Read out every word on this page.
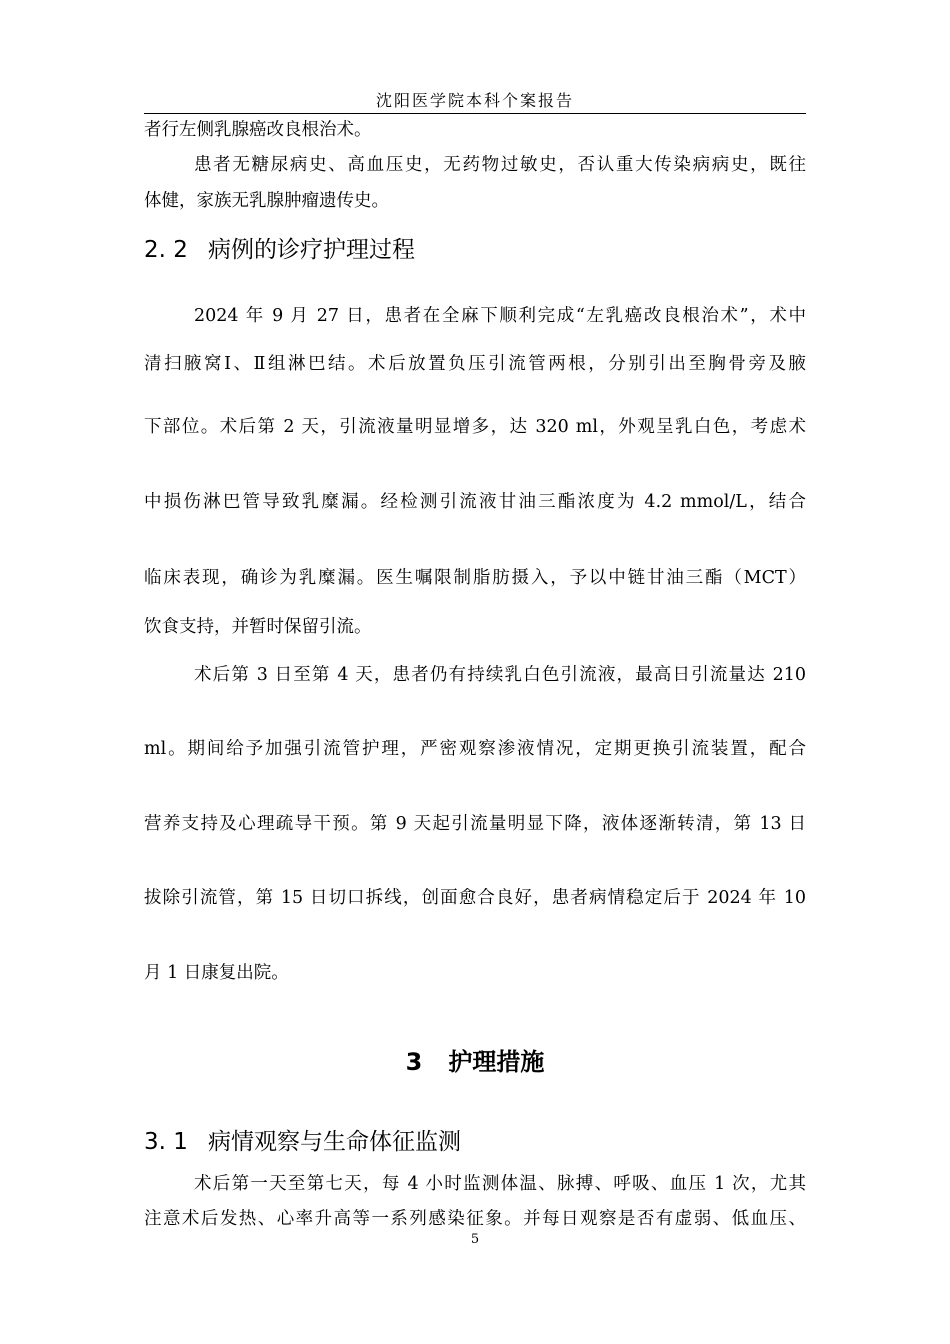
沈阳医学院本科个案报告
者行左侧乳腺癌改良根治术。
患者无糖尿病史、高血压史，无药物过敏史，否认重大传染病病史，既往
体健，家族无乳腺肿瘤遗传史。
2. 2 病例的诊疗护理过程
2024 年 9 月 27 日，患者在全麻下顺利完成“左乳癌改良根治术”，术中
清扫腋窝Ⅰ、Ⅱ组淋巴结。术后放置负压引流管两根，分别引出至胸骨旁及腋
下部位。术后第 2 天，引流液量明显增多，达 320 ml，外观呈乳白色，考虑术
中损伤淋巴管导致乳糜漏。经检测引流液甘油三酯浓度为 4.2 mmol/L，结合
临床表现，确诊为乳糜漏。医生嘱限制脂肪摄入，予以中链甘油三酯（MCT）
饮食支持，并暂时保留引流。
术后第 3 日至第 4 天，患者仍有持续乳白色引流液，最高日引流量达 210
ml。期间给予加强引流管护理，严密观察渗液情况，定期更换引流装置，配合
营养支持及心理疏导干预。第 9 天起引流量明显下降，液体逐渐转清，第 13 日
拔除引流管，第 15 日切口拆线，创面愈合良好，患者病情稳定后于 2024 年 10
月 1 日康复出院。
3 护理措施
3. 1 病情观察与生命体征监测
术后第一天至第七天，每 4 小时监测体温、脉搏、呼吸、血压 1 次，尤其
注意术后发热、心率升高等一系列感染征象。并每日观察是否有虚弱、低血压、
5
